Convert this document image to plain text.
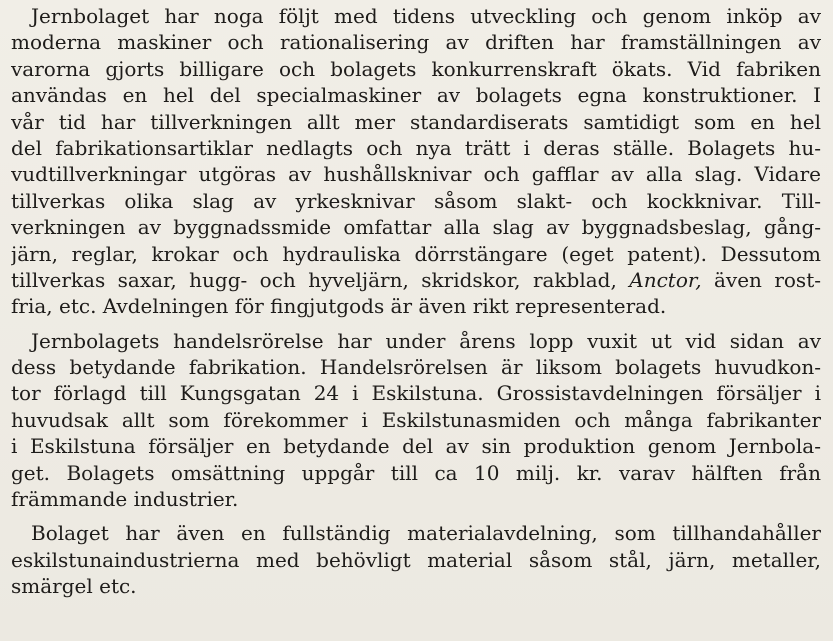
Jernbolaget har noga följt med tidens utveckling och genom inköp av
moderna maskiner och rationalisering av driften har framställningen av
varorna gjorts billigare och bolagets konkurrenskraft ökats. Vid fabriken
användas en hel del specialmaskiner av bolagets egna konstruktioner. I
vår tid har tillverkningen allt mer standardiserats samtidigt som en hel
del fabrikationsartiklar nedlagts och nya trätt i deras ställe. Bolagets hu-
vudtillverkningar utgöras av hushållsknivar och gafflar av alla slag. Vidare
tillverkas olika slag av yrkesknivar såsom slakt- och kockknivar. Till-
verkningen av byggnadssmide omfattar alla slag av byggnadsbeslag, gång-
järn, reglar, krokar och hydrauliska dörrstängare (eget patent). Dessutom
tillverkas saxar, hugg- och hyveljärn, skridskor, rakblad, Anctor, även rost-
fria, etc. Avdelningen för fingjutgods är även rikt representerad.
Jernbolagets handelsrörelse har under årens lopp vuxit ut vid sidan av
dess betydande fabrikation. Handelsrörelsen är liksom bolagets huvudkon-
tor förlagd till Kungsgatan 24 i Eskilstuna. Grossistavdelningen försäljer i
huvudsak allt som förekommer i Eskilstunasmiden och många fabrikanter
i Eskilstuna försäljer en betydande del av sin produktion genom Jernbola-
get. Bolagets omsättning uppgår till ca 10 milj. kr. varav hälften från
främmande industrier.
Bolaget har även en fullständig materialavdelning, som tillhandahåller
eskilstunaindustrierna med behövligt material såsom stål, järn, metaller,
smärgel etc.
